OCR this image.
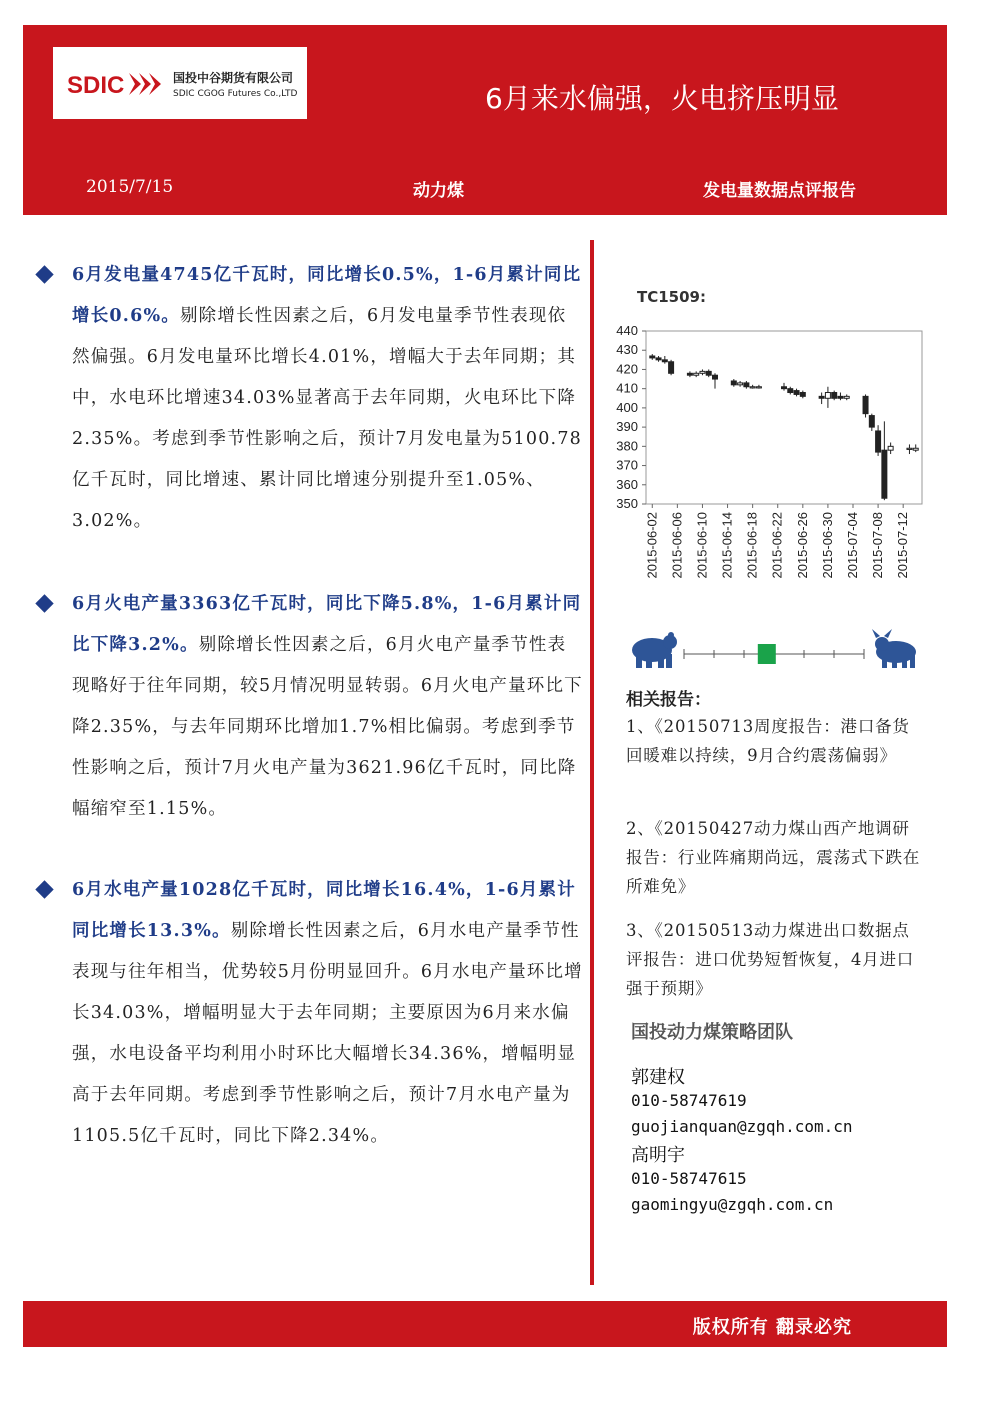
SDIC	国投中谷期货有限公司
SDIC CGOG Futures Co.,LTD	6月来水偏强，火电挤压明显
2015/7/15	动力煤	发电量数据点评报告
6月发电量4745亿千瓦时，同比增长0.5%，1-6月累计同比增长0.6%。剔除增长性因素之后，6月发电量季节性表现依然偏强。6月发电量环比增长4.01%，增幅大于去年同期；其中，水电环比增速34.03%显著高于去年同期，火电环比下降2.35%。考虑到季节性影响之后，预计7月发电量为5100.78亿千瓦时，同比增速、累计同比增速分别提升至1.05%、3.02%。
6月火电产量3363亿千瓦时，同比下降5.8%，1-6月累计同比下降3.2%。剔除增长性因素之后，6月火电产量季节性表现略好于往年同期，较5月情况明显转弱。6月火电产量环比下降2.35%，与去年同期环比增加1.7%相比偏弱。考虑到季节性影响之后，预计7月火电产量为3621.96亿千瓦时，同比降幅缩窄至1.15%。
6月水电产量1028亿千瓦时，同比增长16.4%，1-6月累计同比增长13.3%。剔除增长性因素之后，6月水电产量季节性表现与往年相当，优势较5月份明显回升。6月水电产量环比增长34.03%，增幅明显大于去年同期；主要原因为6月来水偏强，水电设备平均利用小时环比大幅增长34.36%，增幅明显高于去年同期。考虑到季节性影响之后，预计7月水电产量为1105.5亿千瓦时，同比下降2.34%。
TC1509:
350
360
370
380
390
400
410
420
430
440
2015-06-02 2015-06-06 2015-06-10 2015-06-14 2015-06-18 2015-06-22 2015-06-26 2015-06-30 2015-07-04 2015-07-08 2015-07-12
相关报告：
1、《20150713周度报告：港口备货回暖难以持续，9月合约震荡偏弱》
2、《20150427动力煤山西产地调研报告：行业阵痛期尚远，震荡式下跌在所难免》
3、《20150513动力煤进出口数据点评报告：进口优势短暂恢复，4月进口强于预期》
国投动力煤策略团队
郭建权
010-58747619
guojianquan@zgqh.com.cn
高明宇
010-58747615
gaomingyu@zgqh.com.cn
版权所有 翻录必究
